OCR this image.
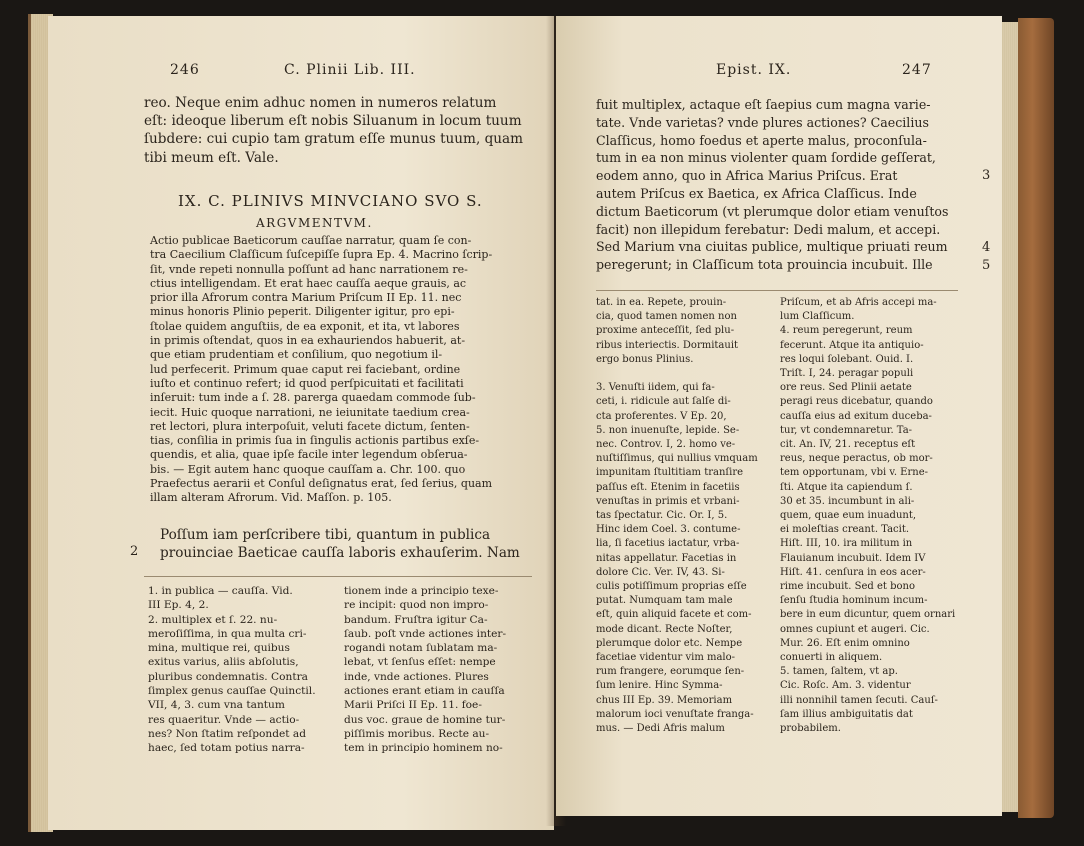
246	C. Plinii Lib. III.
reo. Neque enim adhuc nomen in numeros relatum
eſt: ideoque liberum eſt nobis Siluanum in locum tuum
ſubdere: cui cupio tam gratum eſſe munus tuum, quam
tibi meum eſt. Vale.
IX. C. PLINIVS MINVCIANO SVO S.
ARGVMENTVM.
Actio publicae Baeticorum cauſſae narratur, quam ſe con-
tra Caecilium Claſſicum ſuſcepiſſe ſupra Ep. 4. Macrino ſcrip-
ſit, vnde repeti nonnulla poſſunt ad hanc narrationem re-
ctius intelligendam. Et erat haec cauſſa aeque grauis, ac
prior illa Afrorum contra Marium Priſcum II Ep. 11. nec
minus honoris Plinio peperit. Diligenter igitur, pro epi-
ſtolae quidem anguſtiis, de ea exponit, et ita, vt labores
in primis oſtendat, quos in ea exhauriendos habuerit, at-
que etiam prudentiam et conſilium, quo negotium il-
lud perfecerit. Primum quae caput rei faciebant, ordine
iuſto et continuo refert; id quod perſpicuitati et facilitati
inſeruit: tum inde a ſ. 28. parerga quaedam commode ſub-
iecit. Huic quoque narrationi, ne ieiunitate taedium crea-
ret lectori, plura interpoſuit, veluti facete dictum, ſenten-
tias, conſilia in primis ſua in ſingulis actionis partibus exſe-
quendis, et alia, quae ipſe facile inter legendum obſerua-
bis. — Egit autem hanc quoque cauſſam a. Chr. 100. quo
Praefectus aerarii et Conſul deſignatus erat, ſed ſerius, quam
illam alteram Afrorum. Vid. Maſſon. p. 105.
Poſſum iam perſcribere tibi, quantum in publica
prouinciae Baeticae cauſſa laboris exhauſerim. Nam
2
1. in publica — cauſſa. Vid.
III Ep. 4, 2.
2. multiplex et ſ. 22. nu-
meroſiſſima, in qua multa cri-
mina, multique rei, quibus
exitus varius, aliis abſolutis,
pluribus condemnatis. Contra
ſimplex genus cauſſae Quinctil.
VII, 4, 3. cum vna tantum
res quaeritur. Vnde — actio-
nes? Non ſtatim reſpondet ad
haec, ſed totam potius narra-
tionem inde a principio texe-
re incipit: quod non impro-
bandum. Fruſtra igitur Ca-
ſaub. poſt vnde actiones inter-
rogandi notam ſublatam ma-
lebat, vt ſenſus eſſet: nempe
inde, vnde actiones. Plures
actiones erant etiam in cauſſa
Marii Priſci II Ep. 11. foe-
dus voc. graue de homine tur-
piſſimis moribus. Recte au-
tem in principio hominem no-
Epist. IX.	247
fuit multiplex, actaque eſt ſaepius cum magna varie-
tate. Vnde varietas? vnde plures actiones? Caecilius
Claſſicus, homo foedus et aperte malus, proconſula-
tum in ea non minus violenter quam ſordide geſſerat,
eodem anno, quo in Africa Marius Priſcus. Erat
autem Priſcus ex Baetica, ex Africa Claſſicus. Inde
dictum Baeticorum (vt plerumque dolor etiam venuſtos
facit) non illepidum ferebatur: Dedi malum, et accepi.
Sed Marium vna ciuitas publice, multique priuati reum
peregerunt; in Claſſicum tota prouincia incubuit. Ille
3
4
5
tat. in ea. Repete, prouin-
cia, quod tamen nomen non
proxime anteceſſit, ſed plu-
ribus interiectis. Dormitauit
ergo bonus Plinius.

3. Venuſti iidem, qui fa-
ceti, i. ridicule aut ſalſe di-
cta proferentes. V Ep. 20,
5. non inuenuſte, lepide. Se-
nec. Controv. I, 2. homo ve-
nuſtiſſimus, qui nullius vmquam
impunitam ſtultitiam tranſire
paſſus eſt. Etenim in facetiis
venuſtas in primis et vrbani-
tas ſpectatur. Cic. Or. I, 5.
Hinc idem Coel. 3. contume-
lia, ſi facetius iactatur, vrba-
nitas appellatur. Facetias in
dolore Cic. Ver. IV, 43. Si-
culis potiſſimum proprias eſſe
putat. Numquam tam male
eſt, quin aliquid facete et com-
mode dicant. Recte Noſter,
plerumque dolor etc. Nempe
facetiae videntur vim malo-
rum frangere, eorumque ſen-
ſum lenire. Hinc Symma-
chus III Ep. 39. Memoriam
malorum ioci venuſtate franga-
mus. — Dedi Afris malum
Priſcum, et ab Afris accepi ma-
lum Claſſicum.
4. reum peregerunt, reum
fecerunt. Atque ita antiquio-
res loqui ſolebant. Ouid. I.
Triſt. I, 24. peragar populi
ore reus. Sed Plinii aetate
peragi reus dicebatur, quando
cauſſa eius ad exitum duceba-
tur, vt condemnaretur. Ta-
cit. An. IV, 21. receptus eſt
reus, neque peractus, ob mor-
tem opportunam, vbi v. Erne-
ſti. Atque ita capiendum ſ.
30 et 35. incumbunt in ali-
quem, quae eum inuadunt,
ei moleſtias creant. Tacit.
Hiſt. III, 10. ira militum in
Flauianum incubuit. Idem IV
Hiſt. 41. cenſura in eos acer-
rime incubuit. Sed et bono
ſenſu ſtudia hominum incum-
bere in eum dicuntur, quem ornari
omnes cupiunt et augeri. Cic.
Mur. 26. Eſt enim omnino
conuerti in aliquem.
5. tamen, ſaltem, vt ap.
Cic. Roſc. Am. 3. videntur
illi nonnihil tamen ſecuti. Cauſ-
ſam illius ambiguitatis dat
probabilem.
